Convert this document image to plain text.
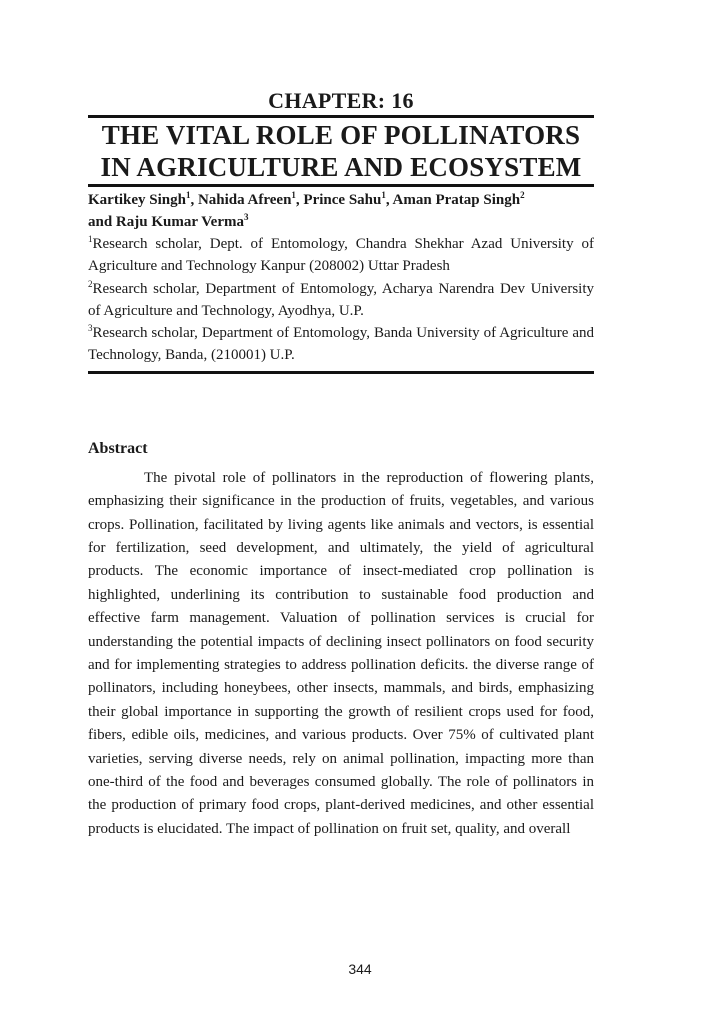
CHAPTER: 16
THE VITAL ROLE OF POLLINATORS
IN AGRICULTURE AND ECOSYSTEM
Kartikey Singh$^1$, Nahida Afreen$^1$, Prince Sahu$^1$, Aman Pratap Singh$^2$
and Raju Kumar Verma$^3$

$^1$Research scholar, Dept. of Entomology, Chandra Shekhar Azad University of Agriculture and Technology Kanpur (208002) Uttar Pradesh

$^2$Research scholar, Department of Entomology, Acharya Narendra Dev University of Agriculture and Technology, Ayodhya, U.P.

$^3$Research scholar, Department of Entomology, Banda University of Agriculture and Technology, Banda, (210001) U.P.

Abstract

The pivotal role of pollinators in the reproduction of flowering plants, emphasizing their significance in the production of fruits, vegetables, and various crops. Pollination, facilitated by living agents like animals and vectors, is essential for fertilization, seed development, and ultimately, the yield of agricultural products. The economic importance of insect-mediated crop pollination is highlighted, underlining its contribution to sustainable food production and effective farm management. Valuation of pollination services is crucial for understanding the potential impacts of declining insect pollinators on food security and for implementing strategies to address pollination deficits. the diverse range of pollinators, including honeybees, other insects, mammals, and birds, emphasizing their global importance in supporting the growth of resilient crops used for food, fibers, edible oils, medicines, and various products. Over 75% of cultivated plant varieties, serving diverse needs, rely on animal pollination, impacting more than one-third of the food and beverages consumed globally. The role of pollinators in the production of primary food crops, plant-derived medicines, and other essential products is elucidated. The impact of pollination on fruit set, quality, and overall

344
